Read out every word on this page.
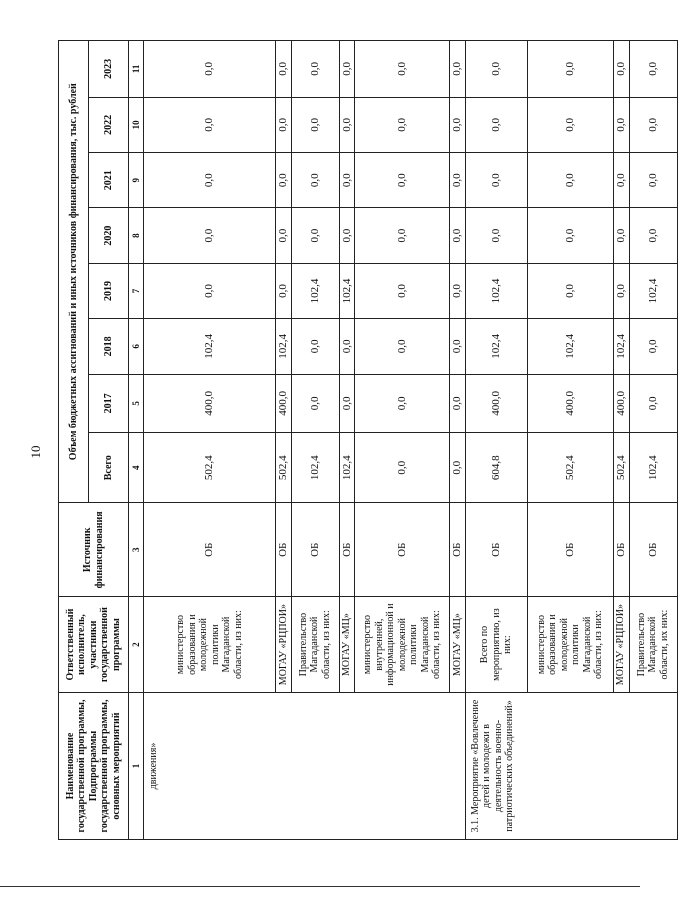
10
Наименование государственной программы, Подпрограммы государственной программы, основных мероприятий	Ответственный исполнитель, участники государственной программы	Источник финансирования	Объем бюджетных ассигнований и иных источников финансирования, тыс. рублей							
			Всего	2017	2018	2019	2020	2021	2022	2023
1	2	3	4	5	6	7	8	9	10	11
движения»	министерство образования и молодежной политики Магаданской области, из них:	ОБ	502,4	400,0	102,4	0,0	0,0	0,0	0,0	0,0
	МОГАУ «РЦПОИ»	ОБ	502,4	400,0	102,4	0,0	0,0	0,0	0,0	0,0
	Правительство Магаданской области, из них:	ОБ	102,4	0,0	0,0	102,4	0,0	0,0	0,0	0,0
	МОГАУ «МЦ»	ОБ	102,4	0,0	0,0	102,4	0,0	0,0	0,0	0,0
	министерство внутренней, информационной и молодежной политики Магаданской области, из них:	ОБ	0,0	0,0	0,0	0,0	0,0	0,0	0,0	0,0
	МОГАУ «МЦ»	ОБ	0,0	0,0	0,0	0,0	0,0	0,0	0,0	0,0
3.1. Мероприятие «Вовлечение детей и молодежи в деятельность военно-патриотических объединений»	Всего по мероприятию, из них:	ОБ	604,8	400,0	102,4	102,4	0,0	0,0	0,0	0,0
	министерство образования и молодежной политики Магаданской области, из них:	ОБ	502,4	400,0	102,4	0,0	0,0	0,0	0,0	0,0
	МОГАУ «РЦПОИ»	ОБ	502,4	400,0	102,4	0,0	0,0	0,0	0,0	0,0
	Правительство Магаданской области, их них:	ОБ	102,4	0,0	0,0	102,4	0,0	0,0	0,0	0,0
